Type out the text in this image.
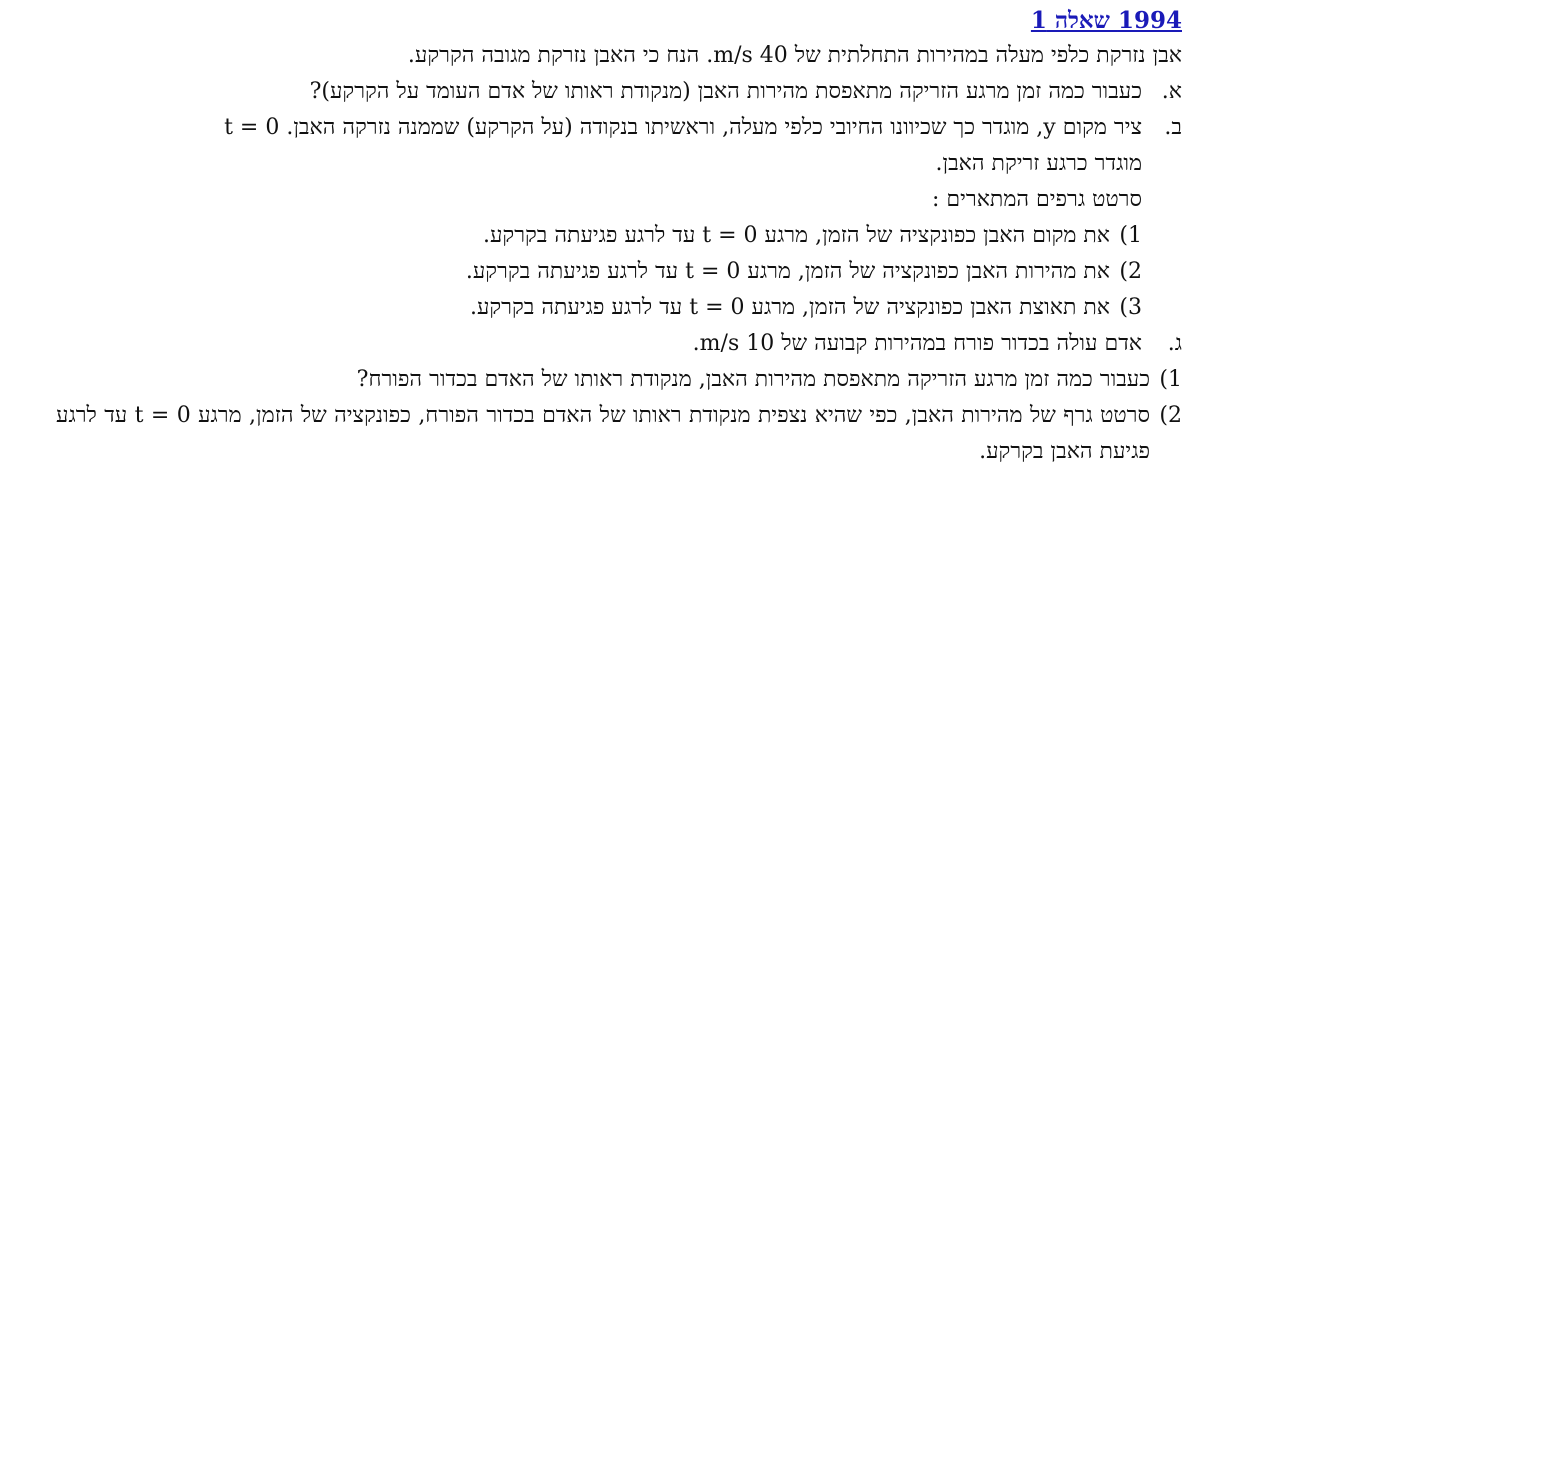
1994 שאלה 1

אבן נזרקת כלפי מעלה במהירות התחלתית של 40 m/s. הנח כי האבן נזרקת מגובה הקרקע.

א.
כעבור כמה זמן מרגע הזריקה מתאפסת מהירות האבן (מנקודת ראותו של אדם העומד על הקרקע)?
ב.
ציר מקום y, מוגדר כך שכיוונו החיובי כלפי מעלה, וראשיתו בנקודה (על הקרקע) שממנה נזרקה האבן. t = 0
מוגדר כרגע זריקת האבן.
סרטט גרפים המתארים :
1)
את מקום האבן כפונקציה של הזמן, מרגע t = 0 עד לרגע פגיעתה בקרקע.
2)
את מהירות האבן כפונקציה של הזמן, מרגע t = 0 עד לרגע פגיעתה בקרקע.
3)
את תאוצת האבן כפונקציה של הזמן, מרגע t = 0 עד לרגע פגיעתה בקרקע.
ג.
אדם עולה בכדור פורח במהירות קבועה של 10 m/s.
1)
כעבור כמה זמן מרגע הזריקה מתאפסת מהירות האבן, מנקודת ראותו של האדם בכדור הפורח?
2)
סרטט גרף של מהירות האבן, כפי שהיא נצפית מנקודת ראותו של האדם בכדור הפורח, כפונקציה של הזמן, מרגע t = 0 עד לרגע פגיעת האבן בקרקע.
